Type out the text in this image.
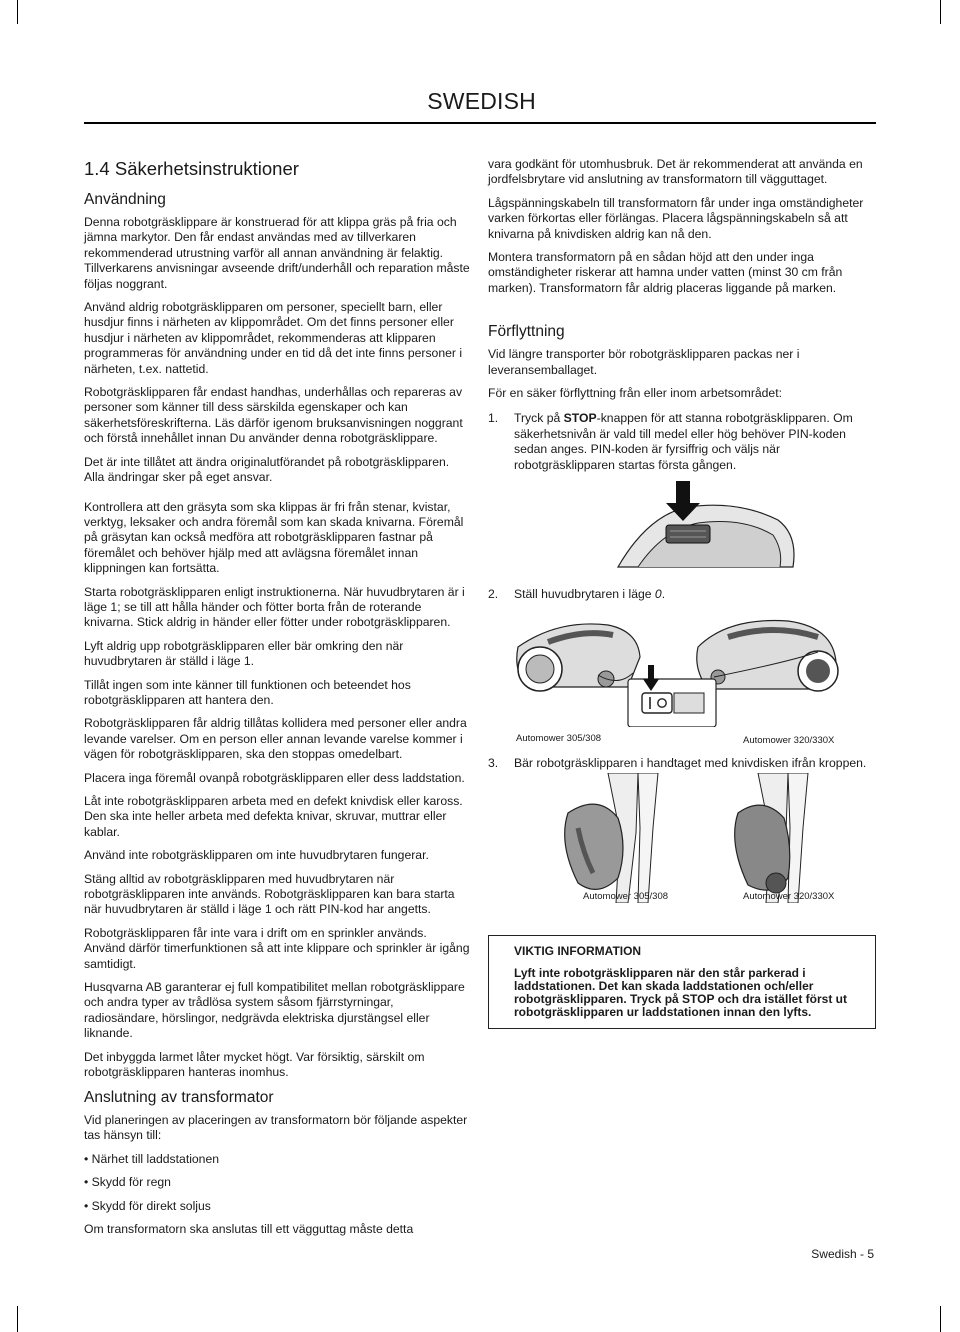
SWEDISH
1.4 Säkerhetsinstruktioner
Användning

Denna robotgräsklippare är konstruerad för att klippa gräs på fria och jämna markytor. Den får endast användas med av tillverkaren rekommenderad utrustning varför all annan användning är felaktig. Tillverkarens anvisningar avseende drift/underhåll och reparation måste följas noggrant.

Använd aldrig robotgräsklipparen om personer, speciellt barn, eller husdjur finns i närheten av klippområdet. Om det finns personer eller husdjur i närheten av klippområdet, rekommenderas att klipparen programmeras för användning under en tid då det inte finns personer i närheten, t.ex. nattetid.

Robotgräsklipparen får endast handhas, underhållas och repareras av personer som känner till dess särskilda egenskaper och kan säkerhetsföreskrifterna. Läs därför igenom bruksanvisningen noggrant och förstå innehållet innan Du använder denna robotgräsklippare.

Det är inte tillåtet att ändra originalutförandet på robotgräsklipparen. Alla ändringar sker på eget ansvar.

Kontrollera att den gräsyta som ska klippas är fri från stenar, kvistar, verktyg, leksaker och andra föremål som kan skada knivarna. Föremål på gräsytan kan också medföra att robotgräsklipparen fastnar på föremålet och behöver hjälp med att avlägsna föremålet innan klippningen kan fortsätta.

Starta robotgräsklipparen enligt instruktionerna. När huvudbrytaren är i läge 1; se till att hålla händer och fötter borta från de roterande knivarna. Stick aldrig in händer eller fötter under robotgräsklipparen.

Lyft aldrig upp robotgräsklipparen eller bär omkring den när huvudbrytaren är ställd i läge 1.

Tillåt ingen som inte känner till funktionen och beteendet hos robotgräsklipparen att hantera den.

Robotgräsklipparen får aldrig tillåtas kollidera med personer eller andra levande varelser. Om en person eller annan levande varelse kommer i vägen för robotgräsklipparen, ska den stoppas omedelbart.

Placera inga föremål ovanpå robotgräsklipparen eller dess laddstation.

Låt inte robotgräsklipparen arbeta med en defekt knivdisk eller kaross. Den ska inte heller arbeta med defekta knivar, skruvar, muttrar eller kablar.

Använd inte robotgräsklipparen om inte huvudbrytaren fungerar.

Stäng alltid av robotgräsklipparen med huvudbrytaren när robotgräsklipparen inte används. Robotgräsklipparen kan bara starta när huvudbrytaren är ställd i läge 1 och rätt PIN-kod har angetts.

Robotgräsklipparen får inte vara i drift om en sprinkler används. Använd därför timerfunktionen så att inte klippare och sprinkler är igång samtidigt.

Husqvarna AB garanterar ej full kompatibilitet mellan robotgräsklippare och andra typer av trådlösa system såsom fjärrstyrningar, radiosändare, hörslingor, nedgrävda elektriska djurstängsel eller liknande.

Det inbyggda larmet låter mycket högt. Var försiktig, särskilt om robotgräsklipparen hanteras inomhus.

Anslutning av transformator

Vid planeringen av placeringen av transformatorn bör följande aspekter tas hänsyn till:

• Närhet till laddstationen
• Skydd för regn
• Skydd för direkt soljus

Om transformatorn ska anslutas till ett vägguttag måste detta

vara godkänt för utomhusbruk. Det är rekommenderat att använda en jordfelsbrytare vid anslutning av transformatorn till vägguttaget.

Lågspänningskabeln till transformatorn får under inga omständigheter varken förkortas eller förlängas. Placera lågspänningskabeln så att knivarna på knivdisken aldrig kan nå den.

Montera transformatorn på en sådan höjd att den under inga omständigheter riskerar att hamna under vatten (minst 30 cm från marken). Transformatorn får aldrig placeras liggande på marken.

Förflyttning

Vid längre transporter bör robotgräsklipparen packas ner i leveransemballaget.

För en säker förflyttning från eller inom arbetsområdet:

1.	Tryck på STOP-knappen för att stanna robotgräsklipparen. Om säkerhetsnivån är vald till medel eller hög behöver PIN-koden sedan anges. PIN-koden är fyrsiffrig och väljs när robotgräsklipparen startas första gången.
2.	Ställ huvudbrytaren i läge 0.
Automower 305/308	Automower 320/330X
3.	Bär robotgräsklipparen i handtaget med knivdisken ifrån kroppen.
Automower 305/308	Automower 320/330X
VIKTIG INFORMATION
Lyft inte robotgräsklipparen när den står parkerad i laddstationen. Det kan skada laddstationen och/eller robotgräsklipparen. Tryck på STOP och dra istället först ut robotgräsklipparen ur laddstationen innan den lyfts.
Swedish - 5
